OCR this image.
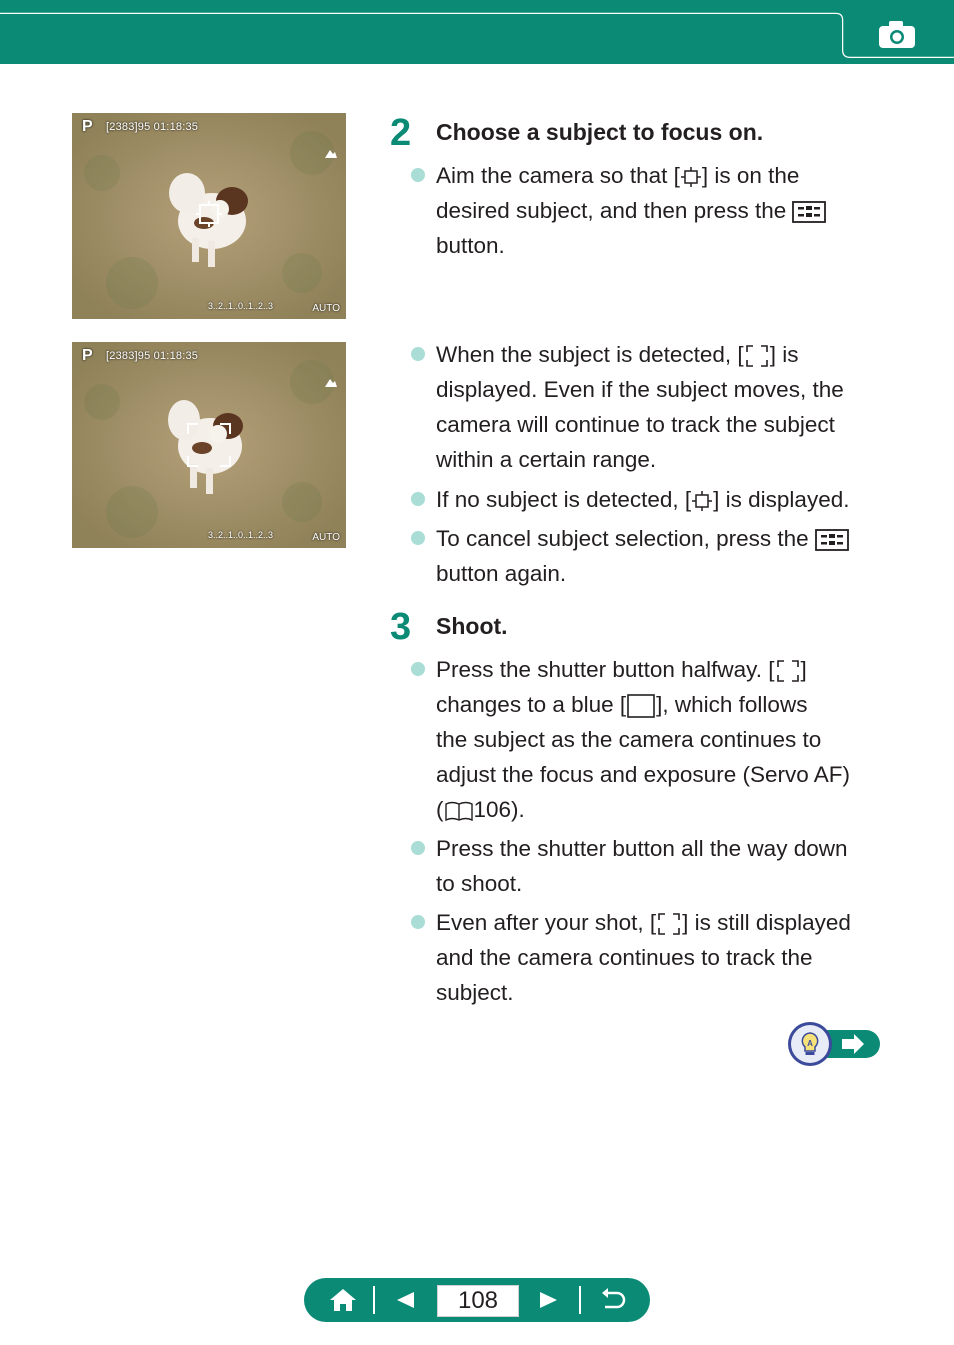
P [2383]95 01:18:35
3..2..1..0..1..2..3	AUTO
P [2383]95 01:18:35
3..2..1..0..1..2..3	AUTO
2 Choose a subject to focus on.
Aim the camera so that [ ] is on the
desired subject, and then press the
button.
When the subject is detected, [ ] is
displayed. Even if the subject moves, the
camera will continue to track the subject
within a certain range.
If no subject is detected, [ ] is displayed.
To cancel subject selection, press the
button again.
3 Shoot.
Press the shutter button halfway. [ ]
changes to a blue [ ], which follows
the subject as the camera continues to
adjust the focus and exposure (Servo AF)
( 106).
Press the shutter button all the way down
to shoot.
Even after your shot, [ ] is still displayed
and the camera continues to track the
subject.
A
108
